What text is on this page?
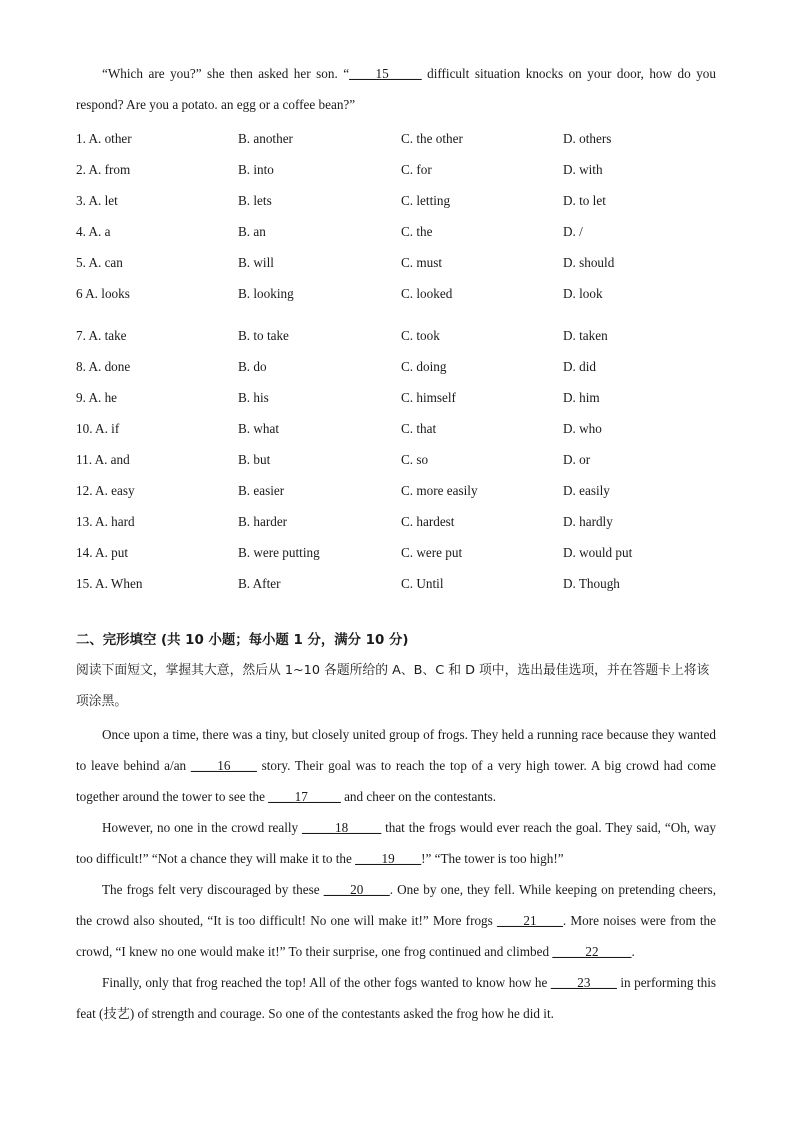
“Which are you?” she then asked her son. “____15_____ difficult situation knocks on your door, how do you respond? Are you a potato. an egg or a coffee bean?”

1. A. other	B. another	C. the other	D. others
2. A. from	B. into	C. for	D. with
3. A. let	B. lets	C. letting	D. to let
4. A. a	B. an	C. the	D. /
5. A. can	B. will	C. must	D. should
6 A. looks	B. looking	C. looked	D. look
7. A. take	B. to take	C. took	D. taken
8. A. done	B. do	C. doing	D. did
9. A. he	B. his	C. himself	D. him
10. A. if	B. what	C. that	D. who
11. A. and	B. but	C. so	D. or
12. A. easy	B. easier	C. more easily	D. easily
13. A. hard	B. harder	C. hardest	D. hardly
14. A. put	B. were putting	C. were put	D. would put
15. A. When	B. After	C. Until	D. Though
二、完形填空 (共 10 小题；每小题 1 分，满分 10 分)

阅读下面短文，掌握其大意，然后从 1~10 各题所给的 A、B、C 和 D 项中，选出最佳选项，并在答题卡上将该项涂黑。

Once upon a time, there was a tiny, but closely united group of frogs. They held a running race because they wanted to leave behind a/an ____16____ story. Their goal was to reach the top of a very high tower. A big crowd had come together around the tower to see the ____17_____ and cheer on the contestants.

However, no one in the crowd really _____18_____ that the frogs would ever reach the goal. They said, “Oh, way too difficult!” “Not a chance they will make it to the ____19____!” “The tower is too high!”

The frogs felt very discouraged by these ____20____. One by one, they fell. While keeping on pretending cheers, the crowd also shouted, “It is too difficult! No one will make it!” More frogs ____21____. More noises were from the crowd, “I knew no one would make it!” To their surprise, one frog continued and climbed _____22_____.

Finally, only that frog reached the top! All of the other fogs wanted to know how he ____23____ in performing this feat (技艺) of strength and courage. So one of the contestants asked the frog how he did it.
